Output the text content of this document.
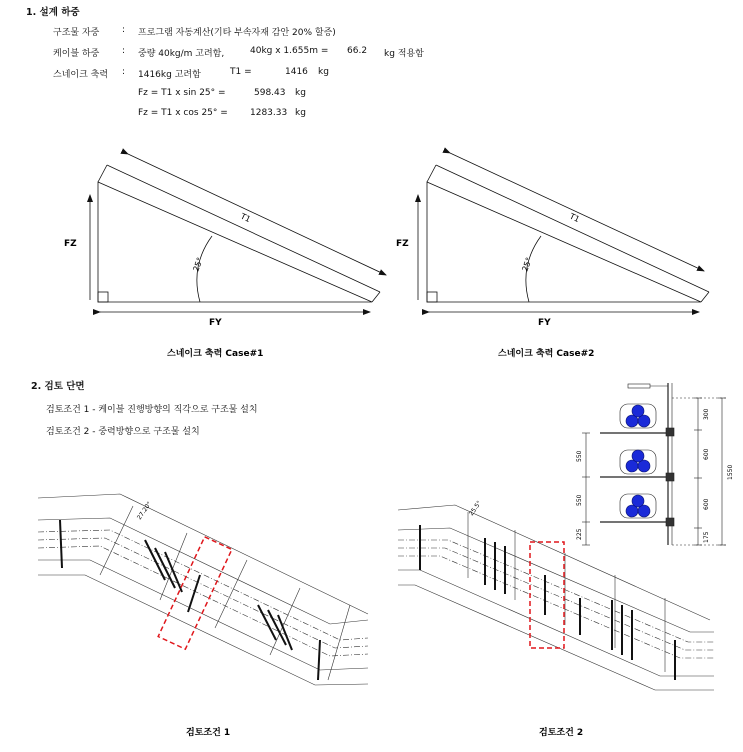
1. 설계 하중
구조물 자중	: 프로그램 자동계산(기타 부속자재 감안 20% 할증)
케이블 하중	: 중량 40kg/m 고려함,	40kg x 1.655m = 66.2 kg 적용함
스네이크 축력 : 1416kg 고려함	T1 =	1416 kg
Fz = T1 x sin 25° =	598.43 kg
Fz = T1 x cos 25° = 1283.33 kg
FZ
FY
T1
25°
스네이크 축력 Case#1
FZ
FY
T1
25°
스네이크 축력 Case#2
550
550
225
300
600
600
175
1550
27.20°
검토조건 1
25.5°
검토조건 2
2. 검토 단면
검토조건 1 - 케이블 진행방향의 직각으로 구조물 설치
검토조건 2 - 중력방향으로 구조물 설치
